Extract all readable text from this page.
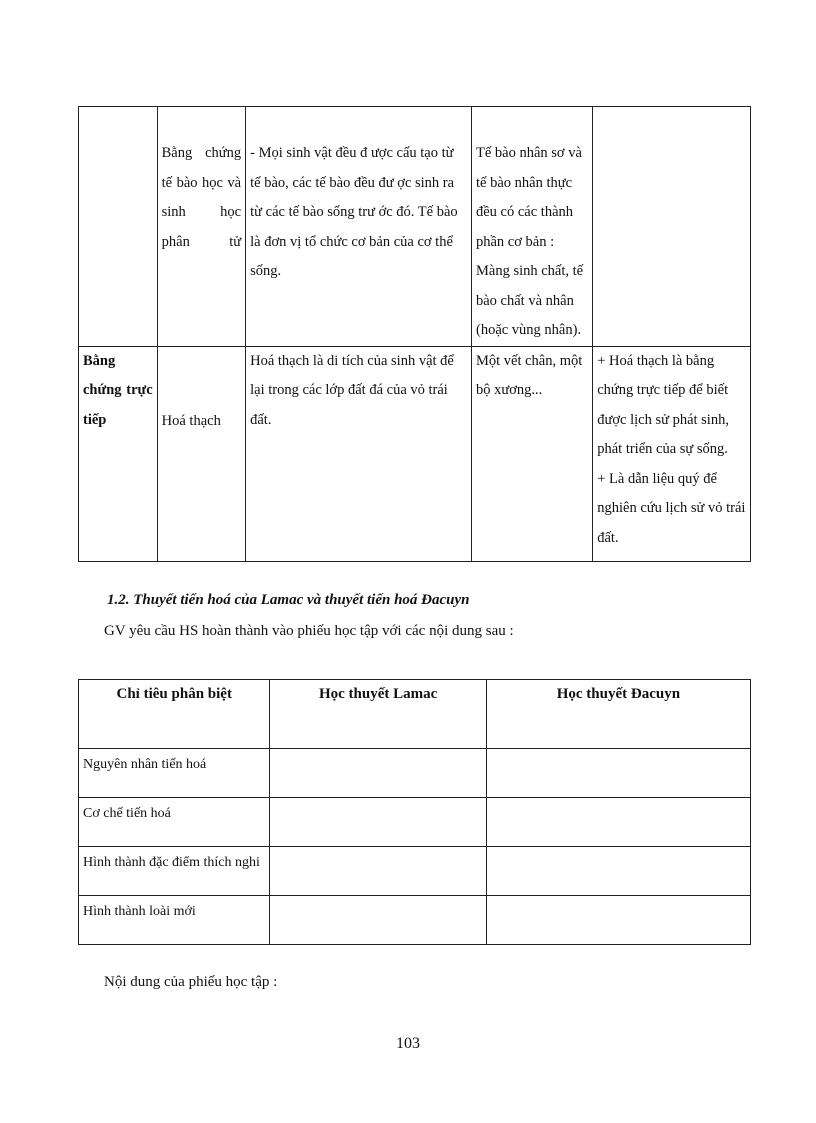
	Bằng chứng tế bào học và sinh học phân tử	- Mọi sinh vật đều đ ược cấu tạo từ tế bào, các tế bào đều đư ợc sinh ra từ các tế bào sống trư ớc đó. Tế bào là đơn vị tổ chức cơ bản của cơ thể sống.	Tế bào nhân sơ và tế bào nhân thực đều có các thành phần cơ bản : Màng sinh chất, tế bào chất và nhân (hoặc vùng nhân).	

Bằng chứng trực tiếp	Hoá thạch	Hoá thạch là di tích của sinh vật để lại trong các lớp đất đá của vỏ trái đất.	Một vết chân, một bộ xương...	+ Hoá thạch là bằng chứng trực tiếp để biết được lịch sử phát sinh, phát triển của sự sống.
+ Là dẫn liệu quý để nghiên cứu lịch sử vỏ trái đất.
1.2. Thuyết tiến hoá của Lamac và thuyết tiến hoá Đacuyn
GV yêu cầu HS hoàn thành vào phiếu học tập với các nội dung sau :
Chỉ tiêu phân biệt	Học thuyết Lamac	Học thuyết Đacuyn
Nguyên nhân tiến hoá		
Cơ chế tiến hoá		
Hình thành đặc điểm thích nghi		
Hình thành loài mới		
Nội dung của phiếu học tập :
103
